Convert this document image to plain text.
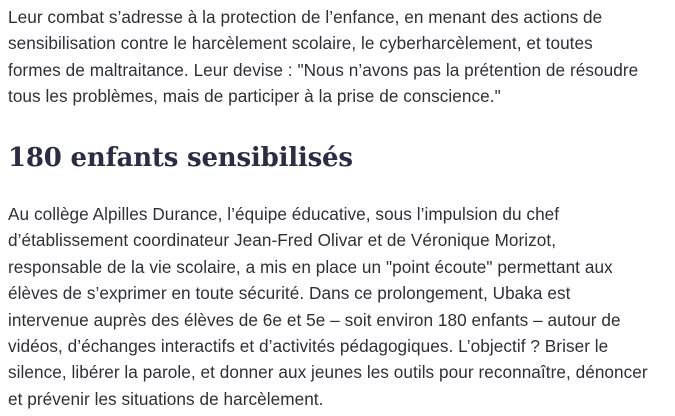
Leur combat s’adresse à la protection de l’enfance, en menant des actions de
sensibilisation contre le harcèlement scolaire, le cyberharcèlement, et toutes
formes de maltraitance. Leur devise : "Nous n’avons pas la prétention de résoudre
tous les problèmes, mais de participer à la prise de conscience."

180 enfants sensibilisés

Au collège Alpilles Durance, l’équipe éducative, sous l’impulsion du chef
d’établissement coordinateur Jean-Fred Olivar et de Véronique Morizot,
responsable de la vie scolaire, a mis en place un "point écoute" permettant aux
élèves de s’exprimer en toute sécurité. Dans ce prolongement, Ubaka est
intervenue auprès des élèves de 6e et 5e – soit environ 180 enfants – autour de
vidéos, d’échanges interactifs et d’activités pédagogiques. L’objectif ? Briser le
silence, libérer la parole, et donner aux jeunes les outils pour reconnaître, dénoncer
et prévenir les situations de harcèlement.
